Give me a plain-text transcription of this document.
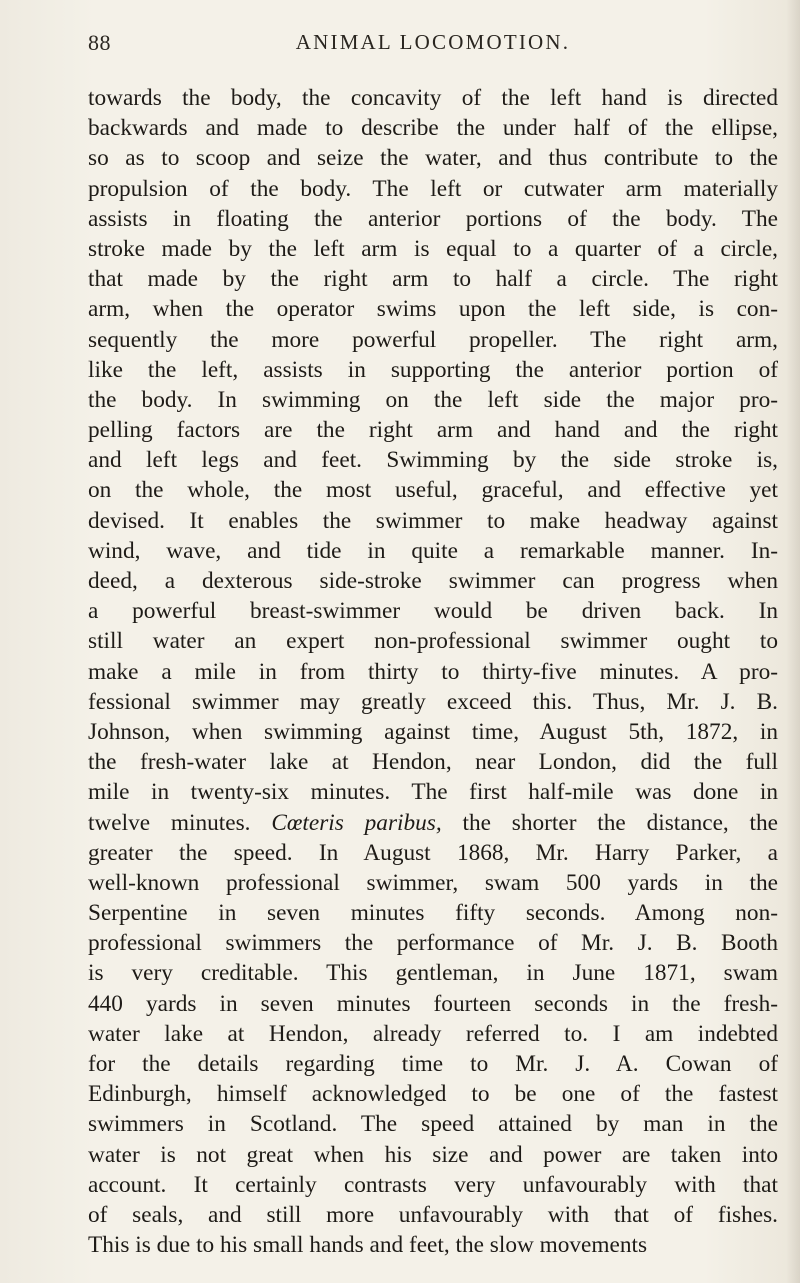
88	ANIMAL LOCOMOTION.
towards the body, the concavity of the left hand is directed
backwards and made to describe the under half of the ellipse,
so as to scoop and seize the water, and thus contribute to the
propulsion of the body. The left or cutwater arm materially
assists in floating the anterior portions of the body. The
stroke made by the left arm is equal to a quarter of a circle,
that made by the right arm to half a circle. The right
arm, when the operator swims upon the left side, is con-
sequently the more powerful propeller. The right arm,
like the left, assists in supporting the anterior portion of
the body. In swimming on the left side the major pro-
pelling factors are the right arm and hand and the right
and left legs and feet. Swimming by the side stroke is,
on the whole, the most useful, graceful, and effective yet
devised. It enables the swimmer to make headway against
wind, wave, and tide in quite a remarkable manner. In-
deed, a dexterous side-stroke swimmer can progress when
a powerful breast-swimmer would be driven back. In
still water an expert non-professional swimmer ought to
make a mile in from thirty to thirty-five minutes. A pro-
fessional swimmer may greatly exceed this. Thus, Mr. J. B.
Johnson, when swimming against time, August 5th, 1872, in
the fresh-water lake at Hendon, near London, did the full
mile in twenty-six minutes. The first half-mile was done in
twelve minutes. Cœteris paribus, the shorter the distance, the
greater the speed. In August 1868, Mr. Harry Parker, a
well-known professional swimmer, swam 500 yards in the
Serpentine in seven minutes fifty seconds. Among non-
professional swimmers the performance of Mr. J. B. Booth
is very creditable. This gentleman, in June 1871, swam
440 yards in seven minutes fourteen seconds in the fresh-
water lake at Hendon, already referred to. I am indebted
for the details regarding time to Mr. J. A. Cowan of
Edinburgh, himself acknowledged to be one of the fastest
swimmers in Scotland. The speed attained by man in the
water is not great when his size and power are taken into
account. It certainly contrasts very unfavourably with that
of seals, and still more unfavourably with that of fishes.
This is due to his small hands and feet, the slow movements
